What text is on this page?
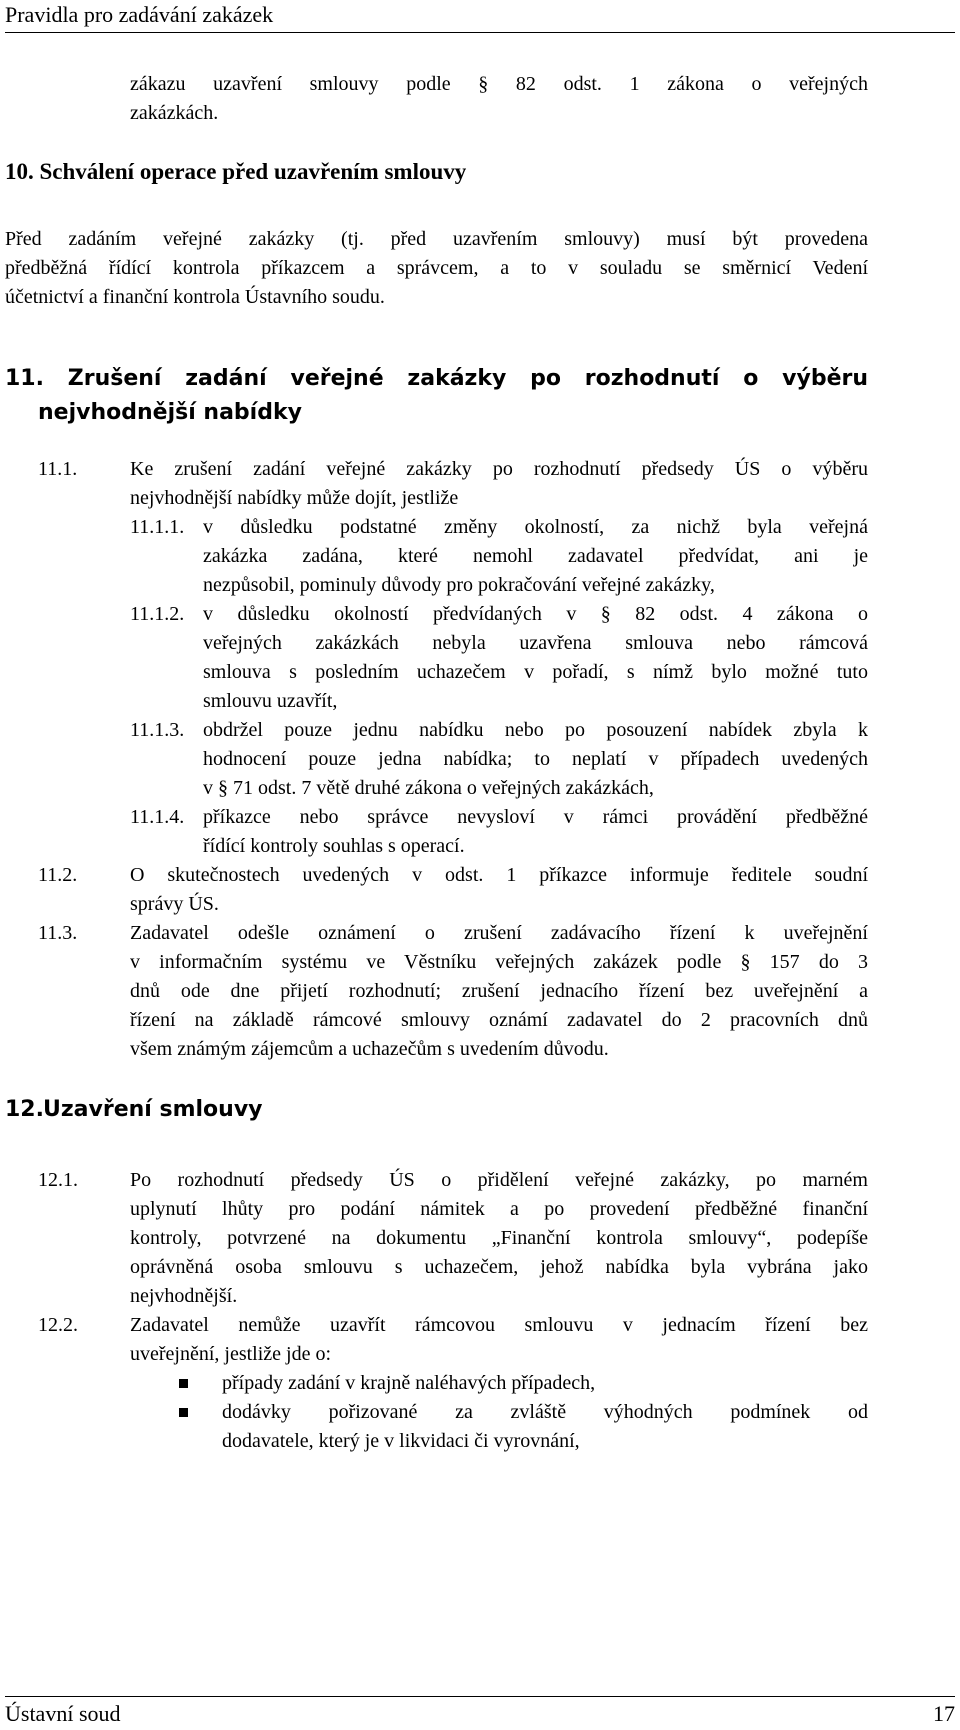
Pravidla pro zadávání zakázek
zákazu uzavření smlouvy podle § 82 odst. 1 zákona o veřejných
zakázkách.
10. Schválení operace před uzavřením smlouvy
Před zadáním veřejné zakázky (tj. před uzavřením smlouvy) musí být provedena
předběžná řídící kontrola příkazcem a správcem, a to v souladu se směrnicí Vedení
účetnictví a finanční kontrola Ústavního soudu.
11. Zrušení zadání veřejné zakázky po rozhodnutí o výběru
nejvhodnější nabídky
11.1.	Ke zrušení zadání veřejné zakázky po rozhodnutí předsedy ÚS o výběru
nejvhodnější nabídky může dojít, jestliže
11.1.1. v důsledku podstatné změny okolností, za nichž byla veřejná
zakázka zadána, které nemohl zadavatel předvídat, ani je
nezpůsobil, pominuly důvody pro pokračování veřejné zakázky,
11.1.2. v důsledku okolností předvídaných v § 82 odst. 4 zákona o
veřejných zakázkách nebyla uzavřena smlouva nebo rámcová
smlouva s posledním uchazečem v pořadí, s nímž bylo možné tuto
smlouvu uzavřít,
11.1.3. obdržel pouze jednu nabídku nebo po posouzení nabídek zbyla k
hodnocení pouze jedna nabídka; to neplatí v případech uvedených
v § 71 odst. 7 větě druhé zákona o veřejných zakázkách,
11.1.4. příkazce nebo správce nevysloví v rámci provádění předběžné
řídící kontroly souhlas s operací.
11.2.	O skutečnostech uvedených v odst. 1 příkazce informuje ředitele soudní
správy ÚS.
11.3.	Zadavatel odešle oznámení o zrušení zadávacího řízení k uveřejnění
v informačním systému ve Věstníku veřejných zakázek podle § 157 do 3
dnů ode dne přijetí rozhodnutí; zrušení jednacího řízení bez uveřejnění a
řízení na základě rámcové smlouvy oznámí zadavatel do 2 pracovních dnů
všem známým zájemcům a uchazečům s uvedením důvodu.
12. Uzavření smlouvy
12.1.	Po rozhodnutí předsedy ÚS o přidělení veřejné zakázky, po marném
uplynutí lhůty pro podání námitek a po provedení předběžné finanční
kontroly, potvrzené na dokumentu „Finanční kontrola smlouvy“, podepíše
oprávněná osoba smlouvu s uchazečem, jehož nabídka byla vybrána jako
nejvhodnější.
12.2.	Zadavatel nemůže uzavřít rámcovou smlouvu v jednacím řízení bez
uveřejnění, jestliže jde o:
případy zadání v krajně naléhavých případech,
dodávky pořizované za zvláště výhodných podmínek od
dodavatele, který je v likvidaci či vyrovnání,
Ústavní soud	17
